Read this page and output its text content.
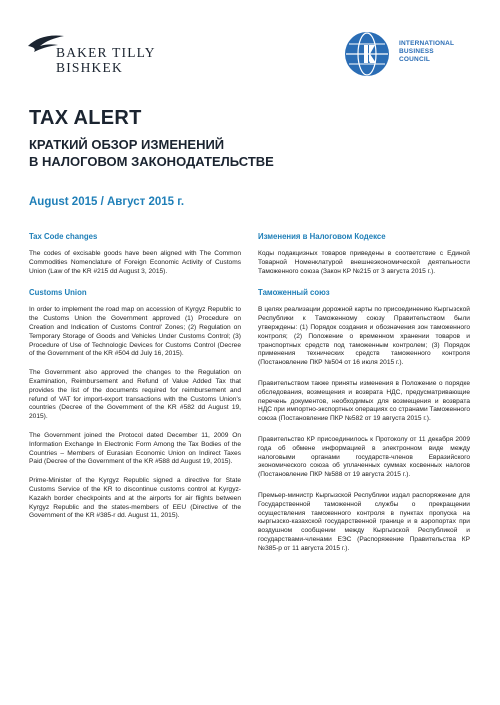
BAKER TILLY
BISHKEK
INTERNATIONAL
BUSINESS
COUNCIL
TAX ALERT
КРАТКИЙ ОБЗОР ИЗМЕНЕНИЙ
В НАЛОГОВОМ ЗАКОНОДАТЕЛЬСТВЕ
August 2015 / Август 2015 г.
Tax Code changes

The codes of excisable goods have been aligned with The Common Commodities Nomenclature of Foreign Economic Activity of Customs Union (Law of the KR #215 dd August 3, 2015).

Customs Union

In order to implement the road map on accession of Kyrgyz Republic to the Customs Union the Government approved (1) Procedure on Creation and Indication of Customs Control' Zones; (2) Regulation on Temporary Storage of Goods and Vehicles Under Customs Control; (3) Procedure of Use of Technologic Devices for Customs Control (Decree of the Government of the KR #504 dd July 16, 2015).

The Government also approved the changes to the Regulation on Examination, Reimbursement and Refund of Value Added Tax that provides the list of the documents required for reimbursement and refund of VAT for import-export transactions with the Customs Union's countries (Decree of the Government of the KR #582 dd August 19, 2015).

The Government joined the Protocol dated December 11, 2009 On Information Exchange In Electronic Form Among the Tax Bodies of the Countries – Members of Eurasian Economic Union on Indirect Taxes Paid (Decree of the Government of the KR #588 dd August 19, 2015).

Prime-Minister of the Kyrgyz Republic signed a directive for State Customs Service of the KR to discontinue customs control at Kyrgyz-Kazakh border checkpoints and at the airports for air flights between Kyrgyz Republic and the states-members of EEU (Directive of the Government of the KR #385-r dd. August 11, 2015).

Изменения в Налоговом Кодексе

Коды подакцизных товаров приведены в соответствие с Единой Товарной Номенклатурой внешнеэкономической деятельности Таможенного союза (Закон КР №215 от 3 августа 2015 г.).

Таможенный союз

В целях реализации дорожной карты по присоединению Кыргызской Республики к Таможенному союзу Правительством были утверждены: (1) Порядок создания и обозначения зон таможенного контроля; (2) Положение о временном хранении товаров и транспортных средств под таможенным контролем; (3) Порядок применения технических средств таможенного контроля (Постановление ПКР №504 от 16 июля 2015 г.).

Правительством также приняты изменения в Положение о порядке обследования, возмещения и возврата НДС, предусматривающие перечень документов, необходимых для возмещения и возврата НДС при импортно-экспортных операциях со странами Таможенного союза (Постановление ПКР №582 от 19 августа 2015 г.).

Правительство КР присоединилось к Протоколу от 11 декабря 2009 года об обмене информацией в электронном виде между налоговыми органами государств-членов Евразийского экономического союза об уплаченных суммах косвенных налогов (Постановление ПКР №588 от 19 августа 2015 г.).

Премьер-министр Кыргызской Республики издал распоряжение для Государственной таможенной службы о прекращении осуществления таможенного контроля в пунктах пропуска на кыргызско-казахской государственной границе и в аэропортах при воздушном сообщении между Кыргызской Республикой и государствами-членами ЕЭС (Распоряжение Правительства КР №385-р от 11 августа 2015 г.).
